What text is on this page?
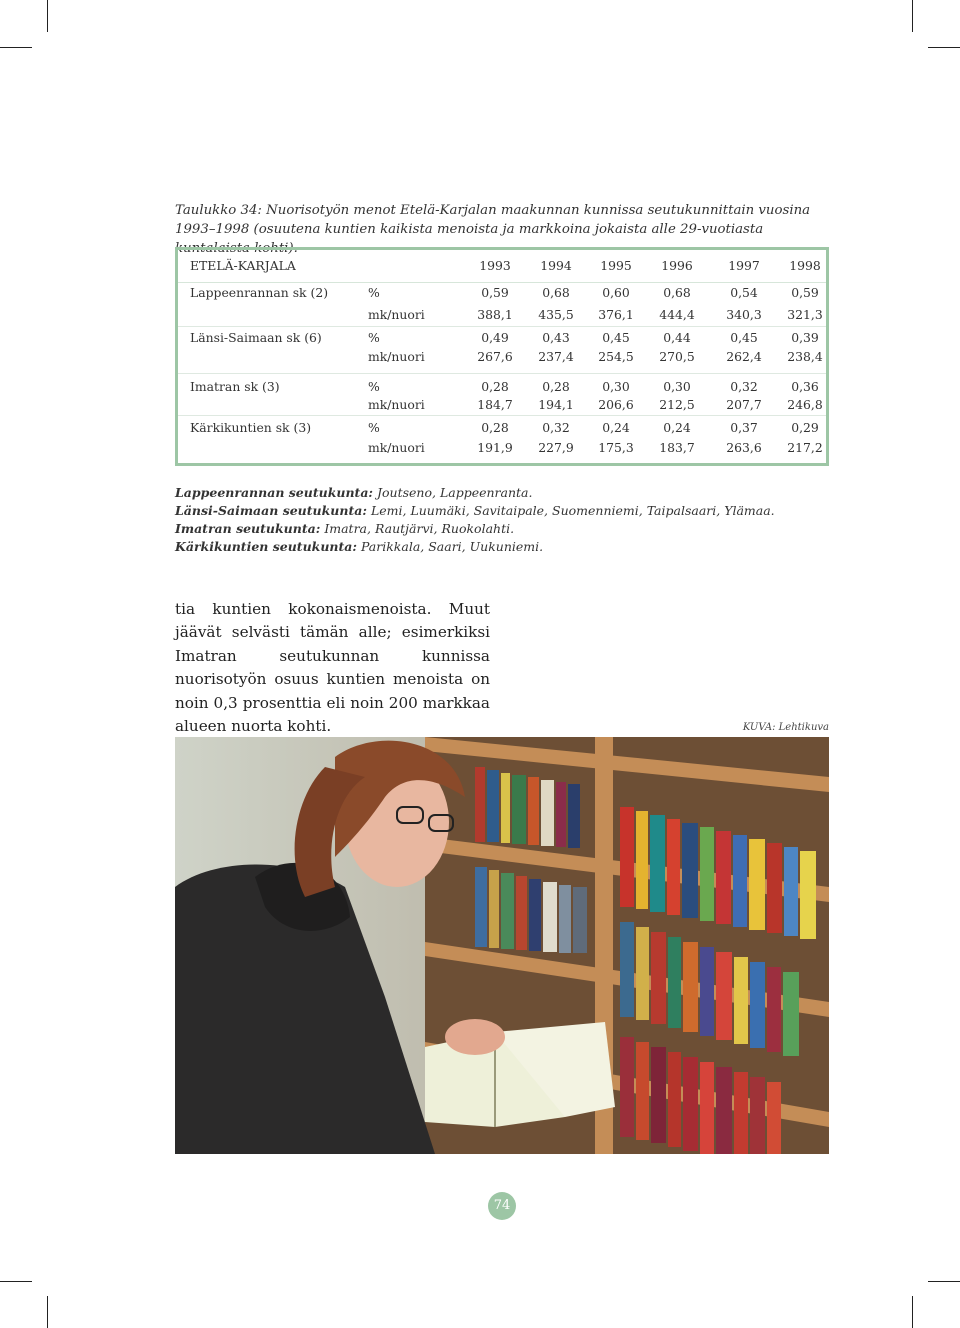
Taulukko 34: Nuorisotyön menot Etelä-Karjalan maakunnan kunnissa seutukunnittain vuosina 1993–1998 (osuutena kuntien kaikista menoista ja markkoina jokaista alle 29-vuotiasta kuntalaista kohti).
ETELÄ-KARJALA	1993	1994	1995	1996	1997	1998
Lappeenrannan sk (2)	%	0,59	0,68	0,60	0,68	0,54	0,59
mk/nuori	388,1	435,5	376,1	444,4	340,3	321,3
Länsi-Saimaan sk (6)	%	0,49	0,43	0,45	0,44	0,45	0,39
mk/nuori	267,6	237,4	254,5	270,5	262,4	238,4
Imatran sk (3)	%	0,28	0,28	0,30	0,30	0,32	0,36
mk/nuori	184,7	194,1	206,6	212,5	207,7	246,8
Kärkikuntien sk (3)	%	0,28	0,32	0,24	0,24	0,37	0,29
mk/nuori	191,9	227,9	175,3	183,7	263,6	217,2
Lappeenrannan seutukunta: Joutseno, Lappeenranta.
Länsi-Saimaan seutukunta: Lemi, Luumäki, Savitaipale, Suomenniemi, Taipalsaari, Ylämaa.
Imatran seutukunta: Imatra, Rautjärvi, Ruokolahti.
Kärkikuntien seutukunta: Parikkala, Saari, Uukuniemi.
tia kuntien kokonaismenoista. Muut jäävät selvästi tämän alle; esimerkiksi Imatran seutukunnan kunnissa nuorisotyön osuus kuntien menoista on noin 0,3 prosenttia eli noin 200 markkaa alueen nuorta kohti.	KUVA: Lehtikuva
74
